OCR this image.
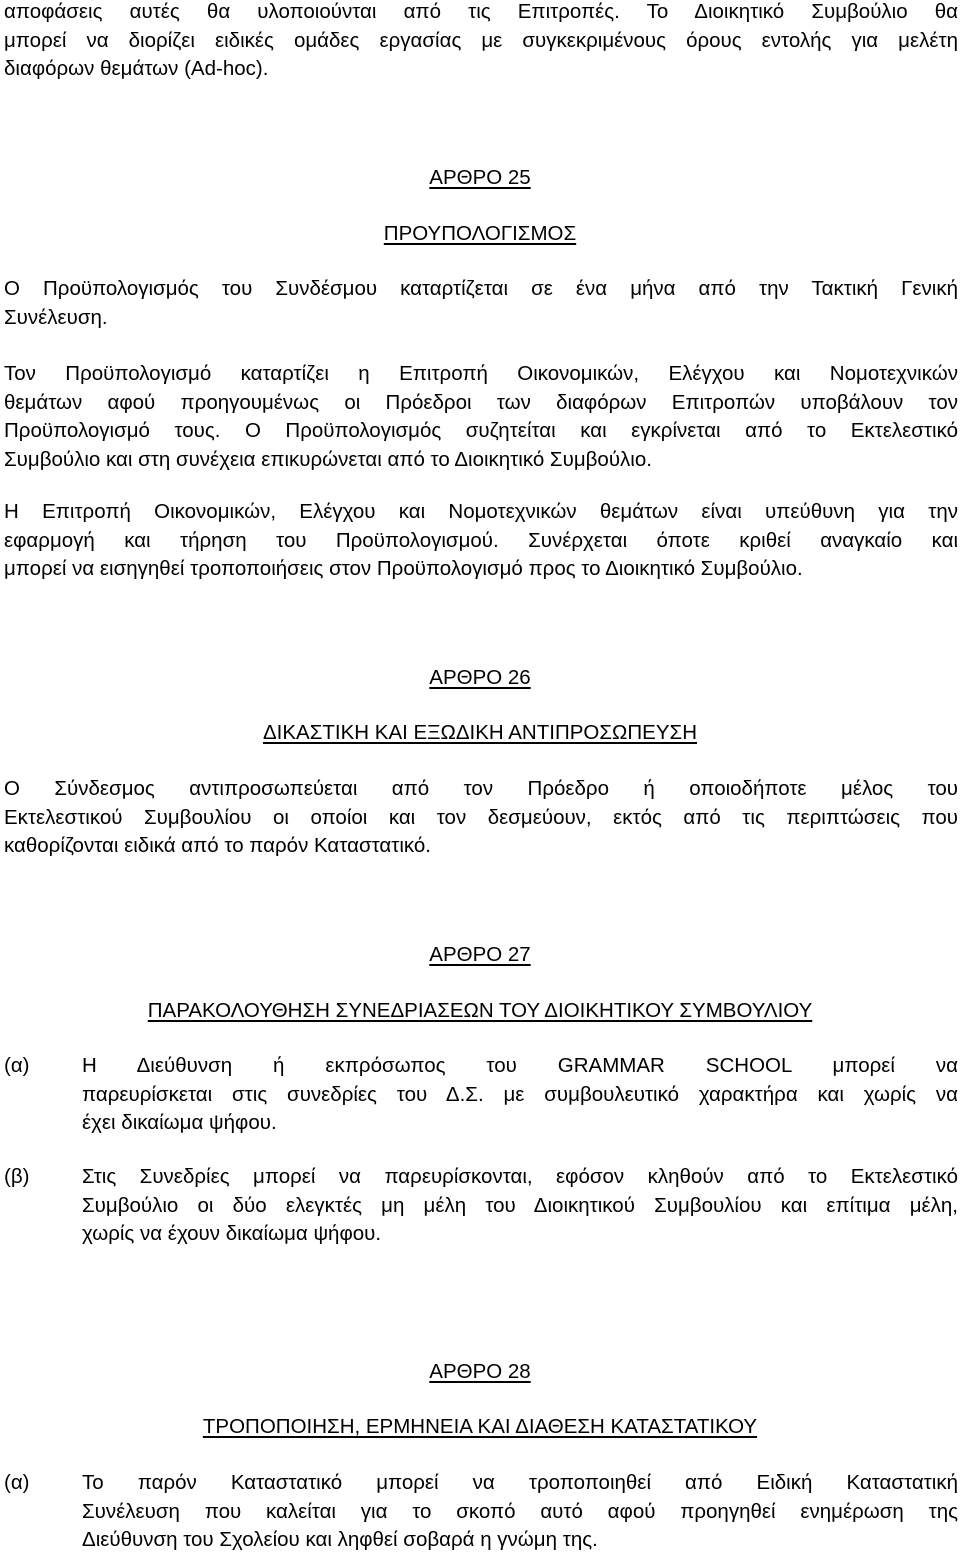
αποφάσεις αυτές θα υλοποιούνται από τις Επιτροπές. Το Διοικητικό Συμβούλιο θα
μπορεί να διορίζει ειδικές ομάδες εργασίας με συγκεκριμένους όρους εντολής για μελέτη
διαφόρων θεμάτων (Ad-hoc).
ΑΡΘΡΟ 25
ΠΡΟΥΠΟΛΟΓΙΣΜΟΣ
Ο Προϋπολογισμός του Συνδέσμου καταρτίζεται σε ένα μήνα από την Τακτική Γενική
Συνέλευση.
Τον Προϋπολογισμό καταρτίζει η Επιτροπή Οικονομικών, Ελέγχου και Νομοτεχνικών
θεμάτων αφού προηγουμένως οι Πρόεδροι των διαφόρων Επιτροπών υποβάλουν τον
Προϋπολογισμό τους. Ο Προϋπολογισμός συζητείται και εγκρίνεται από το Εκτελεστικό
Συμβούλιο και στη συνέχεια επικυρώνεται από το Διοικητικό Συμβούλιο.
Η Επιτροπή Οικονομικών, Ελέγχου και Νομοτεχνικών θεμάτων είναι υπεύθυνη για την
εφαρμογή και τήρηση του Προϋπολογισμού. Συνέρχεται όποτε κριθεί αναγκαίο και
μπορεί να εισηγηθεί τροποποιήσεις στον Προϋπολογισμό προς το Διοικητικό Συμβούλιο.
ΑΡΘΡΟ 26
ΔΙΚΑΣΤΙΚΗ ΚΑΙ ΕΞΩΔΙΚΗ ΑΝΤΙΠΡΟΣΩΠΕΥΣΗ
Ο Σύνδεσμος αντιπροσωπεύεται από τον Πρόεδρο ή οποιοδήποτε μέλος του
Εκτελεστικού Συμβουλίου οι οποίοι και τον δεσμεύουν, εκτός από τις περιπτώσεις που
καθορίζονται ειδικά από το παρόν Καταστατικό.
ΑΡΘΡΟ 27
ΠΑΡΑΚΟΛΟΥΘΗΣΗ ΣΥΝΕΔΡΙΑΣΕΩΝ ΤΟΥ ΔΙΟΙΚΗΤΙΚΟΥ ΣΥΜΒΟΥΛΙΟΥ
(α)	Η Διεύθυνση ή εκπρόσωπος του GRAMMAR SCHOOL μπορεί να
παρευρίσκεται στις συνεδρίες του Δ.Σ. με συμβουλευτικό χαρακτήρα και χωρίς να
έχει δικαίωμα ψήφου.
(β)	Στις Συνεδρίες μπορεί να παρευρίσκονται, εφόσον κληθούν από το Εκτελεστικό
Συμβούλιο οι δύο ελεγκτές μη μέλη του Διοικητικού Συμβουλίου και επίτιμα μέλη,
χωρίς να έχουν δικαίωμα ψήφου.
ΑΡΘΡΟ 28
ΤΡΟΠΟΠΟΙΗΣΗ, ΕΡΜΗΝΕΙΑ ΚΑΙ ΔΙΑΘΕΣΗ ΚΑΤΑΣΤΑΤΙΚΟΥ
(α)	Το παρόν Καταστατικό μπορεί να τροποποιηθεί από Ειδική Καταστατική
Συνέλευση που καλείται για το σκοπό αυτό αφού προηγηθεί ενημέρωση της
Διεύθυνση του Σχολείου και ληφθεί σοβαρά η γνώμη της.
